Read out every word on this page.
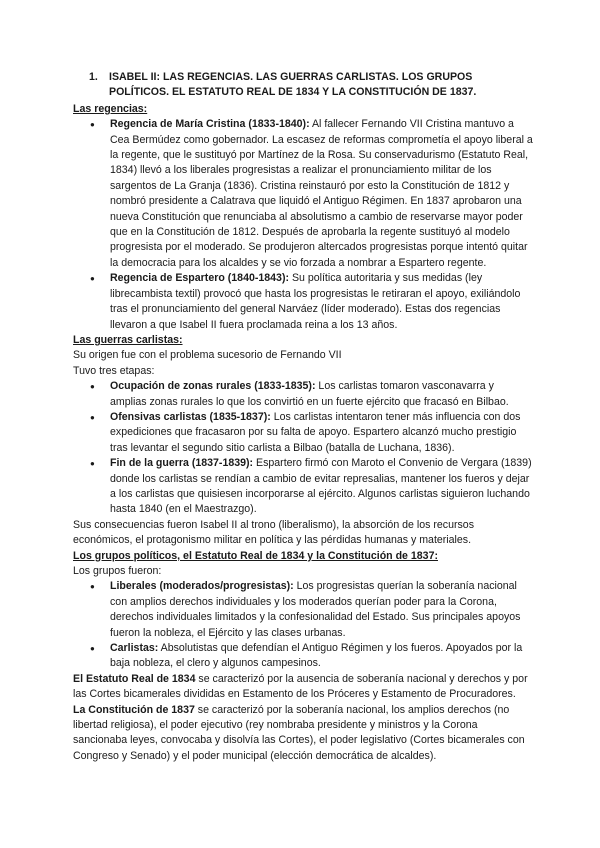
1.	ISABEL II: LAS REGENCIAS. LAS GUERRAS CARLISTAS. LOS GRUPOS POLÍTICOS. EL ESTATUTO REAL DE 1834 Y LA CONSTITUCIÓN DE 1837.
Las regencias:
● Regencia de María Cristina (1833-1840): Al fallecer Fernando VII Cristina mantuvo a Cea Bermúdez como gobernador. La escasez de reformas comprometía el apoyo liberal a la regente, que le sustituyó por Martínez de la Rosa. Su conservadurismo (Estatuto Real, 1834) llevó a los liberales progresistas a realizar el pronunciamiento militar de los sargentos de La Granja (1836). Cristina reinstauró por esto la Constitución de 1812 y nombró presidente a Calatrava que liquidó el Antiguo Régimen. En 1837 aprobaron una nueva Constitución que renunciaba al absolutismo a cambio de reservarse mayor poder que en la Constitución de 1812. Después de aprobarla la regente sustituyó al modelo progresista por el moderado. Se produjeron altercados progresistas porque intentó quitar la democracia para los alcaldes y se vio forzada a nombrar a Espartero regente.
● Regencia de Espartero (1840-1843): Su política autoritaria y sus medidas (ley librecambista textil) provocó que hasta los progresistas le retiraran el apoyo, exiliándolo tras el pronunciamiento del general Narváez (líder moderado). Estas dos regencias llevaron a que Isabel II fuera proclamada reina a los 13 años.
Las guerras carlistas:

Su origen fue con el problema sucesorio de Fernando VII

Tuvo tres etapas:

● Ocupación de zonas rurales (1833-1835): Los carlistas tomaron vasconavarra y amplias zonas rurales lo que los convirtió en un fuerte ejército que fracasó en Bilbao.
● Ofensivas carlistas (1835-1837): Los carlistas intentaron tener más influencia con dos expediciones que fracasaron por su falta de apoyo. Espartero alcanzó mucho prestigio tras levantar el segundo sitio carlista a Bilbao (batalla de Luchana, 1836).
● Fin de la guerra (1837-1839): Espartero firmó con Maroto el Convenio de Vergara (1839) donde los carlistas se rendían a cambio de evitar represalias, mantener los fueros y dejar a los carlistas que quisiesen incorporarse al ejército. Algunos carlistas siguieron luchando hasta 1840 (en el Maestrazgo).

Sus consecuencias fueron Isabel II al trono (liberalismo), la absorción de los recursos económicos, el protagonismo militar en política y las pérdidas humanas y materiales.

Los grupos políticos, el Estatuto Real de 1834 y la Constitución de 1837:

Los grupos fueron:

● Liberales (moderados/progresistas): Los progresistas querían la soberanía nacional con amplios derechos individuales y los moderados querían poder para la Corona, derechos individuales limitados y la confesionalidad del Estado. Sus principales apoyos fueron la nobleza, el Ejército y las clases urbanas.
● Carlistas: Absolutistas que defendían el Antiguo Régimen y los fueros. Apoyados por la baja nobleza, el clero y algunos campesinos.

El Estatuto Real de 1834 se caracterizó por la ausencia de soberanía nacional y derechos y por las Cortes bicamerales divididas en Estamento de los Próceres y Estamento de Procuradores.

La Constitución de 1837 se caracterizó por la soberanía nacional, los amplios derechos (no libertad religiosa), el poder ejecutivo (rey nombraba presidente y ministros y la Corona sancionaba leyes, convocaba y disolvía las Cortes), el poder legislativo (Cortes bicamerales con Congreso y Senado) y el poder municipal (elección democrática de alcaldes).
